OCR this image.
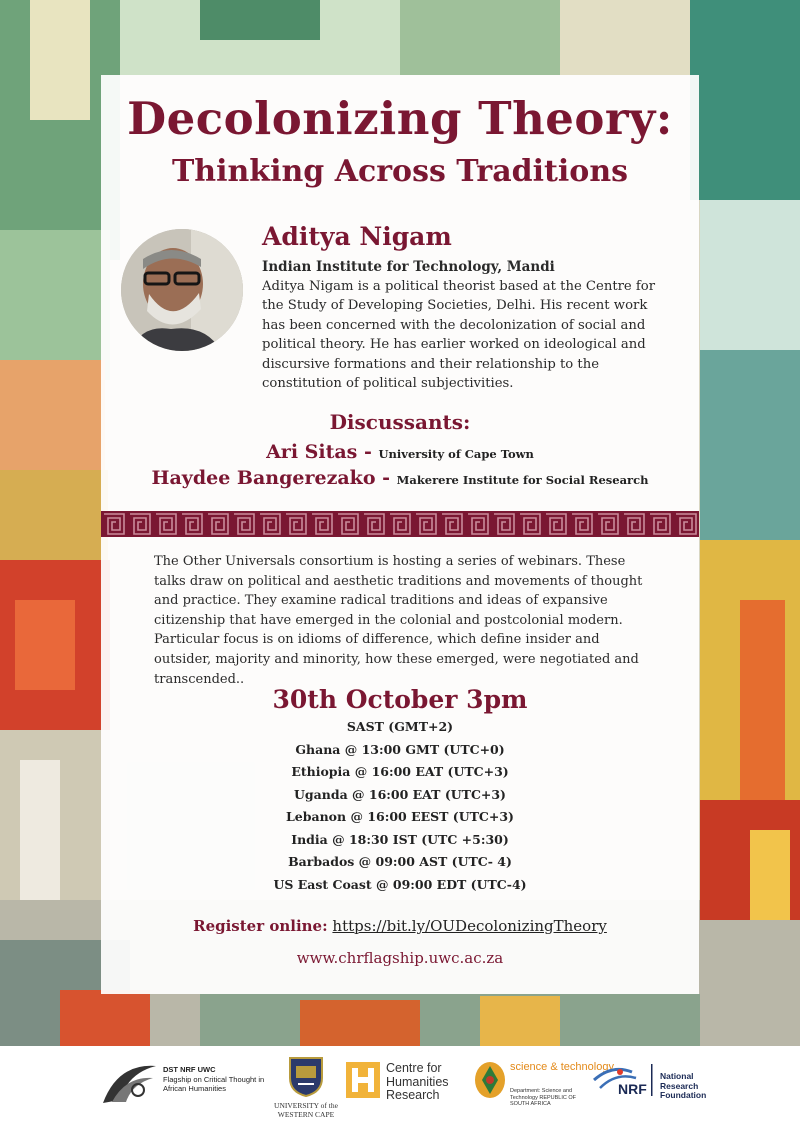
Decolonizing Theory:
Thinking Across Traditions
Aditya Nigam
Indian Institute for Technology, Mandi

Aditya Nigam is a political theorist based at the Centre for the Study of Developing Societies, Delhi. His recent work has been concerned with the decolonization of social and political theory. He has earlier worked on ideological and discursive formations and their relationship to the constitution of political subjectivities.

Discussants:
Ari Sitas - University of Cape Town
Haydee Bangerezako - Makerere Institute for Social Research

The Other Universals consortium is hosting a series of webinars. These talks draw on political and aesthetic traditions and movements of thought and practice. They examine radical traditions and ideas of expansive citizenship that have emerged in the colonial and postcolonial modern. Particular focus is on idioms of difference, which define insider and outsider, majority and minority, how these emerged, were negotiated and transcended..

30th October 3pm
SAST (GMT+2)
Ghana @ 13:00 GMT (UTC+0)
Ethiopia @ 16:00 EAT (UTC+3)
Uganda @ 16:00 EAT (UTC+3)
Lebanon @ 16:00 EEST (UTC+3)
India @ 18:30 IST (UTC +5:30)
Barbados @ 09:00 AST (UTC- 4)
US East Coast @ 09:00 EDT (UTC-4)
Register online: https://bit.ly/OUDecolonizingTheory
www.chrflagship.uwc.ac.za
DST NRF UWC
Flagship on Critical Thought in African Humanities
UNIVERSITY of the WESTERN CAPE
Centre for Humanities Research
science & technology
Department: Science and Technology REPUBLIC OF SOUTH AFRICA
NRF
National Research Foundation
